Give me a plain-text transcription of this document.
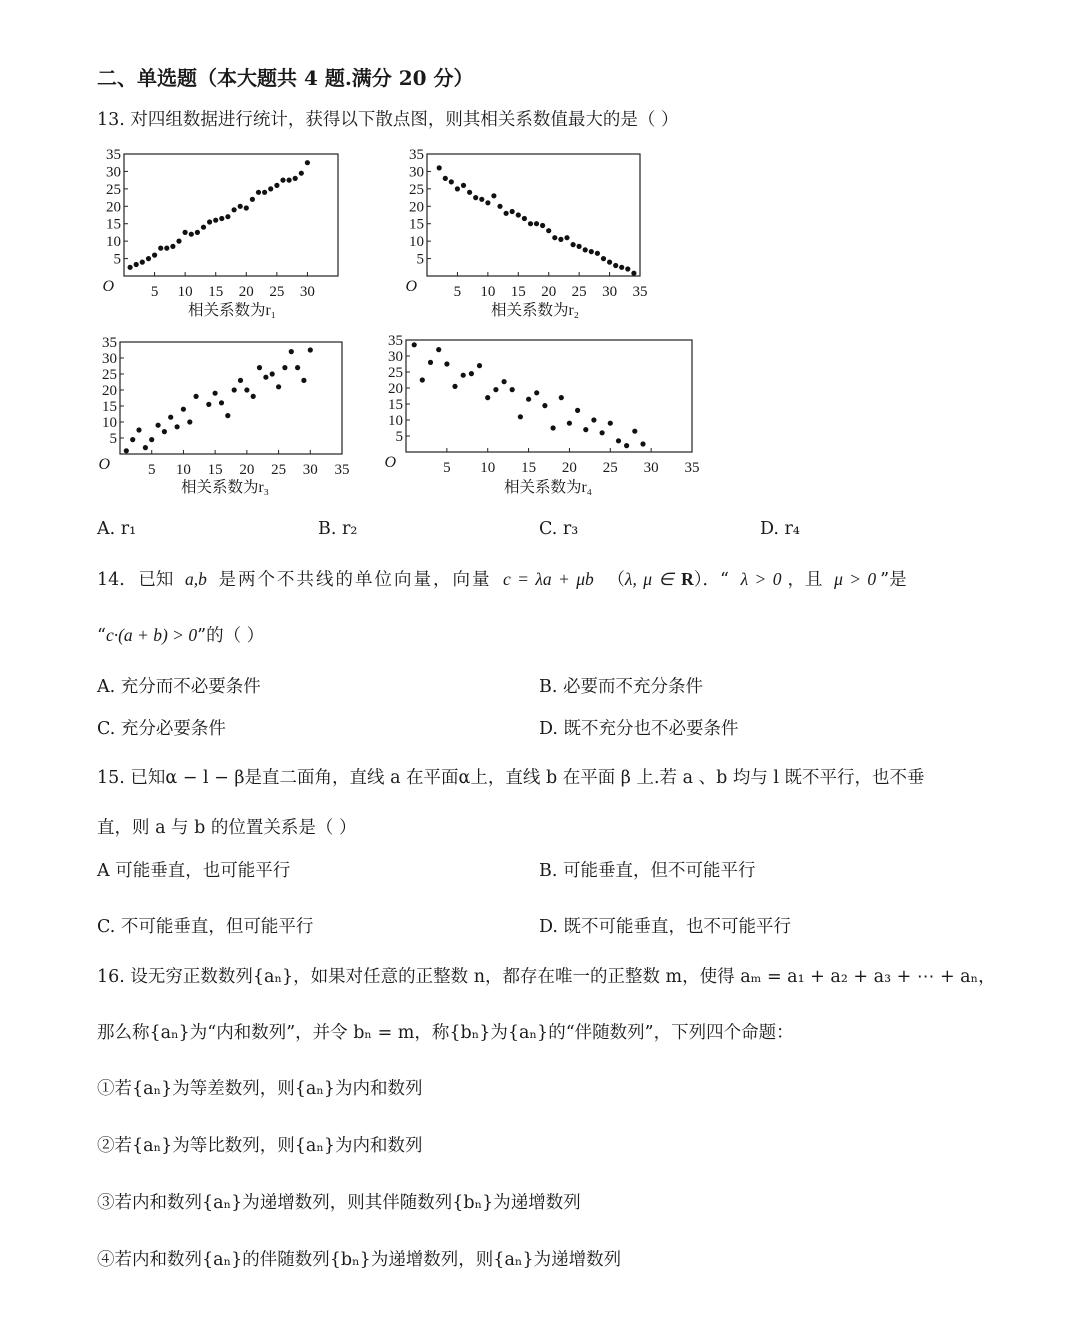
二、单选题（本大题共 4 题.满分 20 分）
13. 对四组数据进行统计，获得以下散点图，则其相关系数值最大的是（ ）
5
10
15
20
25
30
35
5 10 15 20 25 30
O
相关系数为r₁
5
10
15
20
25
30
35
5 10 15 20 25 30 35
O
相关系数为r₂
5
10
15
20
25
30
35
5 10 15 20 25 30 35
O
相关系数为r₃
5
10
15
20
25
30
35
5 10 15 20 25 30 35
O
相关系数为r₄
A. r₁	B. r₂	C. r₃	D. r₄
14. 已知 a,b 是两个不共线的单位向量，向量 c = λa + μb （λ, μ ∈ R）．“ λ > 0 ，且 μ > 0 ”是
“c·(a + b) > 0”的（ ）
A. 充分而不必要条件	B. 必要而不充分条件
C. 充分必要条件	D. 既不充分也不必要条件
15. 已知α − l − β是直二面角，直线 a 在平面α上，直线 b 在平面 β 上.若 a 、b 均与 l 既不平行，也不垂
直，则 a 与 b 的位置关系是（ ）
A 可能垂直，也可能平行	B. 可能垂直，但不可能平行
C. 不可能垂直，但可能平行	D. 既不可能垂直，也不可能平行
16. 设无穷正数数列{aₙ}，如果对任意的正整数 n，都存在唯一的正整数 m，使得 aₘ = a₁ + a₂ + a₃ + ⋯ + aₙ，
那么称{aₙ}为“内和数列”，并令 bₙ = m，称{bₙ}为{aₙ}的“伴随数列”，下列四个命题：
①若{aₙ}为等差数列，则{aₙ}为内和数列
②若{aₙ}为等比数列，则{aₙ}为内和数列
③若内和数列{aₙ}为递增数列，则其伴随数列{bₙ}为递增数列
④若内和数列{aₙ}的伴随数列{bₙ}为递增数列，则{aₙ}为递增数列
